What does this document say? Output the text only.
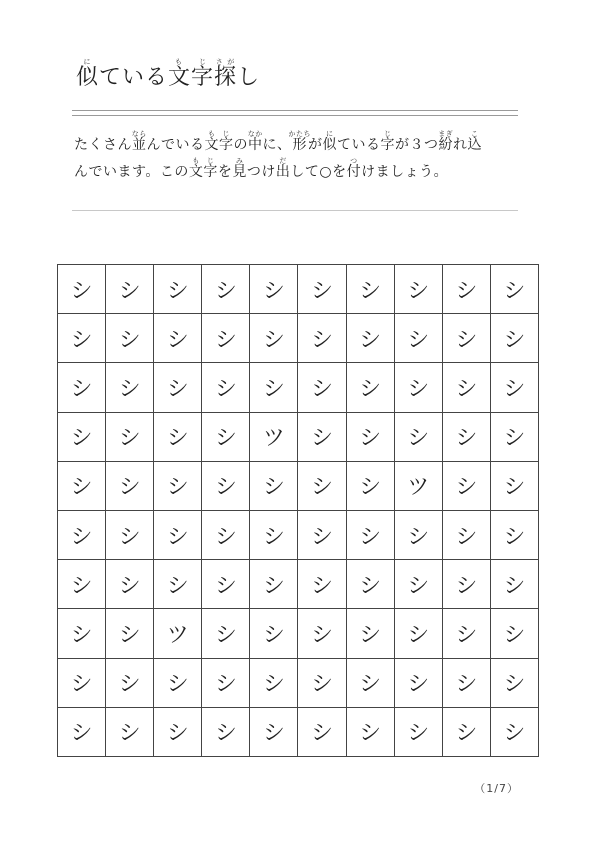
似にている文字もじ探さがし

たくさん並ならんでいる文字もじの中なかに、形かたちが似にている字じが３つ紛まぎれ込こ
んでいます。この文字もじを見みつけ出だして○を付つけましょう。

シ	シ	シ	シ	シ	シ	シ	シ	シ	シ
シ	シ	シ	シ	シ	シ	シ	シ	シ	シ
シ	シ	シ	シ	シ	シ	シ	シ	シ	シ
シ	シ	シ	シ	ツ	シ	シ	シ	シ	シ
シ	シ	シ	シ	シ	シ	シ	ツ	シ	シ
シ	シ	シ	シ	シ	シ	シ	シ	シ	シ
シ	シ	シ	シ	シ	シ	シ	シ	シ	シ
シ	シ	ツ	シ	シ	シ	シ	シ	シ	シ
シ	シ	シ	シ	シ	シ	シ	シ	シ	シ
シ	シ	シ	シ	シ	シ	シ	シ	シ	シ
（1/7）
